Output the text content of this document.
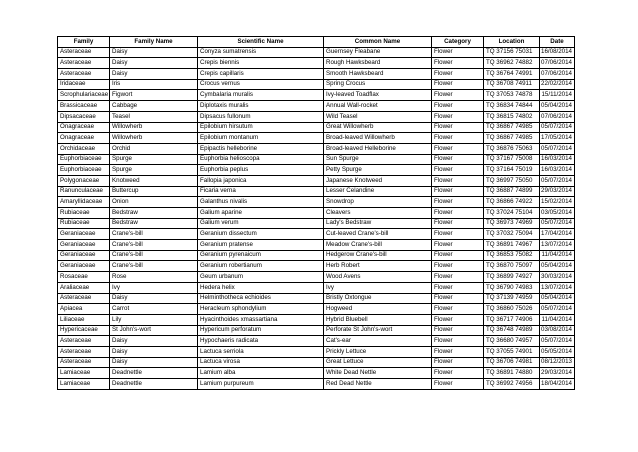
Family	Family Name	Scientific Name	Common Name	Category	Location	Date
Asteraceae	Daisy	Conyza sumatrensis	Guernsey Fleabane	Flower	TQ 37156 75031	16/08/2014
Asteraceae	Daisy	Crepis biennis	Rough Hawksbeard	Flower	TQ 36962 74882	07/06/2014
Asteraceae	Daisy	Crepis capillaris	Smooth Hawksbeard	Flower	TQ 36764 74991	07/06/2014
Iridaceae	Iris	Crocus vernus	Spring Crocus	Flower	TQ 36708 74911	22/02/2014
Scrophulariaceae	Figwort	Cymbalaria muralis	Ivy-leaved Toadflax	Flower	TQ 37053 74878	15/11/2014
Brassicaceae	Cabbage	Diplotaxis muralis	Annual Wall-rocket	Flower	TQ 36834 74844	05/04/2014
Dipsacaceae	Teasel	Dipsacus fullonum	Wild Teasel	Flower	TQ 36815 74802	07/06/2014
Onagraceae	Willowherb	Epilobium hirsutum	Great Willowherb	Flower	TQ 36867 74985	05/07/2014
Onagraceae	Willowherb	Epilobium montanum	Broad-leaved Willowherb	Flower	TQ 36867 74985	17/05/2014
Orchidaceae	Orchid	Epipactis helleborine	Broad-leaved Helleborine	Flower	TQ 36876 75063	05/07/2014
Euphorbiaceae	Spurge	Euphorbia helioscopa	Sun Spurge	Flower	TQ 37167 75008	16/03/2014
Euphorbiaceae	Spurge	Euphorbia peplus	Petty Spurge	Flower	TQ 37164 75019	16/03/2014
Polygonaceae	Knotweed	Fallopia japonica	Japanese Knotweed	Flower	TQ 36997 75050	05/07/2014
Ranunculaceae	Buttercup	Ficaria verna	Lesser Celandine	Flower	TQ 36887 74899	29/03/2014
Amaryllidaceae	Onion	Galanthus nivalis	Snowdrop	Flower	TQ 36866 74922	15/02/2014
Rubiaceae	Bedstraw	Galium aparine	Cleavers	Flower	TQ 37024 75104	03/05/2014
Rubiaceae	Bedstraw	Galium verum	Lady's Bedstraw	Flower	TQ 36973 74969	05/07/2014
Geraniaceae	Crane's-bill	Geranium dissectum	Cut-leaved Crane's-bill	Flower	TQ 37032 75094	17/04/2014
Geraniaceae	Crane's-bill	Geranium pratense	Meadow Crane's-bill	Flower	TQ 36891 74967	13/07/2014
Geraniaceae	Crane's-bill	Geranium pyrenaicum	Hedgerow Crane's-bill	Flower	TQ 36853 75082	11/04/2014
Geraniaceae	Crane's-bill	Geranium robertianum	Herb Robert	Flower	TQ 36870 75097	05/04/2014
Rosaceae	Rose	Geum urbanum	Wood Avens	Flower	TQ 36899 74927	30/03/2014
Araliaceae	Ivy	Hedera helix	Ivy	Flower	TQ 36790 74983	13/07/2014
Asteraceae	Daisy	Helminthotheca echioides	Bristly Oxtongue	Flower	TQ 37139 74959	05/04/2014
Apiacea	Carrot	Heracleum sphondylium	Hogweed	Flower	TQ 36860 75026	05/07/2014
Liliaceae	Lily	Hyacinthoides xmassartiana	Hybrid Bluebell	Flower	TQ 36717 74906	11/04/2014
Hypericaceae	St John's-wort	Hypericum perforatum	Perforate St John's-wort	Flower	TQ 36748 74989	03/08/2014
Asteraceae	Daisy	Hypochaeris radicata	Cat's-ear	Flower	TQ 36680 74957	05/07/2014
Asteraceae	Daisy	Lactuca serriola	Prickly Lettuce	Flower	TQ 37055 74901	05/05/2014
Asteraceae	Daisy	Lactuca virosa	Great Lettuce	Flower	TQ 36706 74981	08/12/2013
Lamiaceae	Deadnettle	Lamium alba	White Dead Nettle	Flower	TQ 36891 74880	29/03/2014
Lamiaceae	Deadnettle	Lamium purpureum	Red Dead Nettle	Flower	TQ 36992 74956	18/04/2014
